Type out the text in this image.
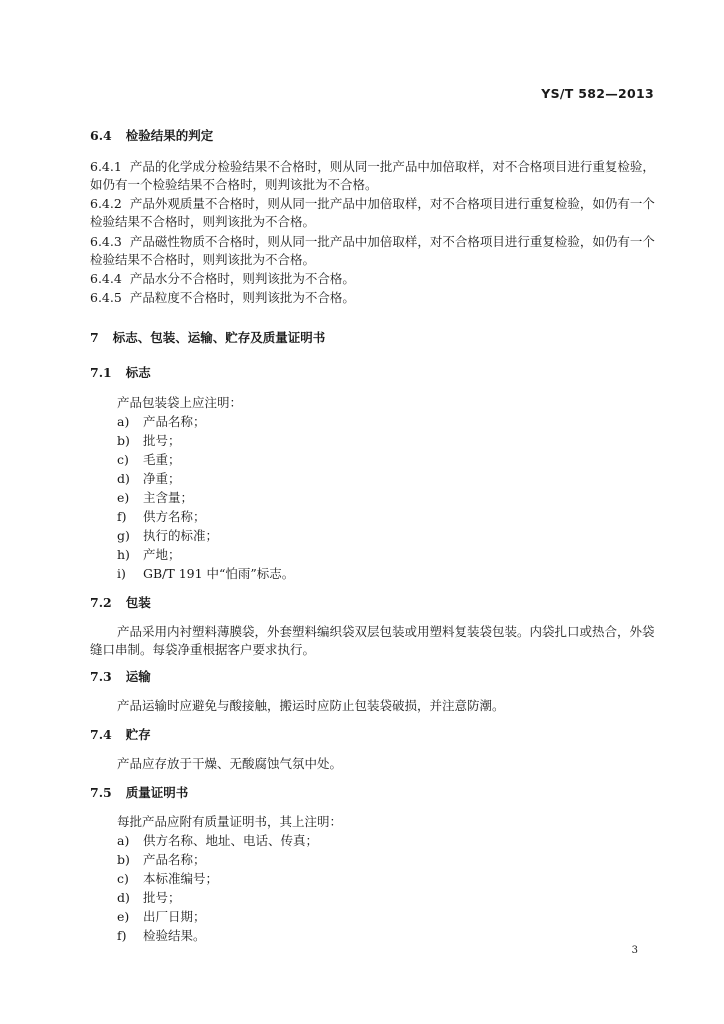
YS/T 582—2013
6.4 检验结果的判定
6.4.1 产品的化学成分检验结果不合格时，则从同一批产品中加倍取样，对不合格项目进行重复检验，
如仍有一个检验结果不合格时，则判该批为不合格。
6.4.2 产品外观质量不合格时，则从同一批产品中加倍取样，对不合格项目进行重复检验，如仍有一个
检验结果不合格时，则判该批为不合格。
6.4.3 产品磁性物质不合格时，则从同一批产品中加倍取样，对不合格项目进行重复检验，如仍有一个
检验结果不合格时，则判该批为不合格。
6.4.4 产品水分不合格时，则判该批为不合格。
6.4.5 产品粒度不合格时，则判该批为不合格。
7 标志、包装、运输、贮存及质量证明书
7.1 标志
产品包装袋上应注明：
a) 产品名称；
b) 批号；
c) 毛重；
d) 净重；
e) 主含量；
f) 供方名称；
g) 执行的标准；
h) 产地；
i) GB/T 191 中“怕雨”标志。
7.2 包装
产品采用内衬塑料薄膜袋，外套塑料编织袋双层包装或用塑料复装袋包装。内袋扎口或热合，外袋
缝口串制。每袋净重根据客户要求执行。
7.3 运输
产品运输时应避免与酸接触，搬运时应防止包装袋破损，并注意防潮。
7.4 贮存
产品应存放于干燥、无酸腐蚀气氛中处。
7.5 质量证明书
每批产品应附有质量证明书，其上注明：
a) 供方名称、地址、电话、传真；
b) 产品名称；
c) 本标准编号；
d) 批号；
e) 出厂日期；
f) 检验结果。
3
